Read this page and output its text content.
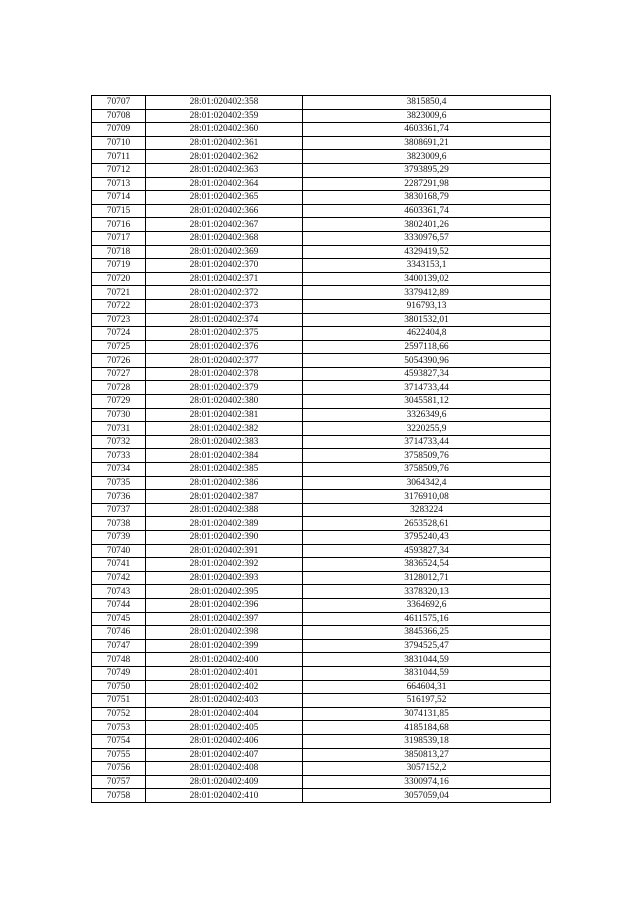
70707	28:01:020402:358	3815850,4
70708	28:01:020402:359	3823009,6
70709	28:01:020402:360	4603361,74
70710	28:01:020402:361	3808691,21
70711	28:01:020402:362	3823009,6
70712	28:01:020402:363	3793895,29
70713	28:01:020402:364	2287291,98
70714	28:01:020402:365	3830168,79
70715	28:01:020402:366	4603361,74
70716	28:01:020402:367	3802401,26
70717	28:01:020402:368	3330976,57
70718	28:01:020402:369	4329419,52
70719	28:01:020402:370	3343153,1
70720	28:01:020402:371	3400139,02
70721	28:01:020402:372	3379412,89
70722	28:01:020402:373	916793,13
70723	28:01:020402:374	3801532,01
70724	28:01:020402:375	4622404,8
70725	28:01:020402:376	2597118,66
70726	28:01:020402:377	5054390,96
70727	28:01:020402:378	4593827,34
70728	28:01:020402:379	3714733,44
70729	28:01:020402:380	3045581,12
70730	28:01:020402:381	3326349,6
70731	28:01:020402:382	3220255,9
70732	28:01:020402:383	3714733,44
70733	28:01:020402:384	3758509,76
70734	28:01:020402:385	3758509,76
70735	28:01:020402:386	3064342,4
70736	28:01:020402:387	3176910,08
70737	28:01:020402:388	3283224
70738	28:01:020402:389	2653528,61
70739	28:01:020402:390	3795240,43
70740	28:01:020402:391	4593827,34
70741	28:01:020402:392	3836524,54
70742	28:01:020402:393	3128012,71
70743	28:01:020402:395	3378320,13
70744	28:01:020402:396	3364692,6
70745	28:01:020402:397	4611575,16
70746	28:01:020402:398	3845366,25
70747	28:01:020402:399	3794525,47
70748	28:01:020402:400	3831044,59
70749	28:01:020402:401	3831044,59
70750	28:01:020402:402	664604,31
70751	28:01:020402:403	516197,52
70752	28:01:020402:404	3074131,85
70753	28:01:020402:405	4185184,68
70754	28:01:020402:406	3198539,18
70755	28:01:020402:407	3850813,27
70756	28:01:020402:408	3057152,2
70757	28:01:020402:409	3300974,16
70758	28:01:020402:410	3057059,04
